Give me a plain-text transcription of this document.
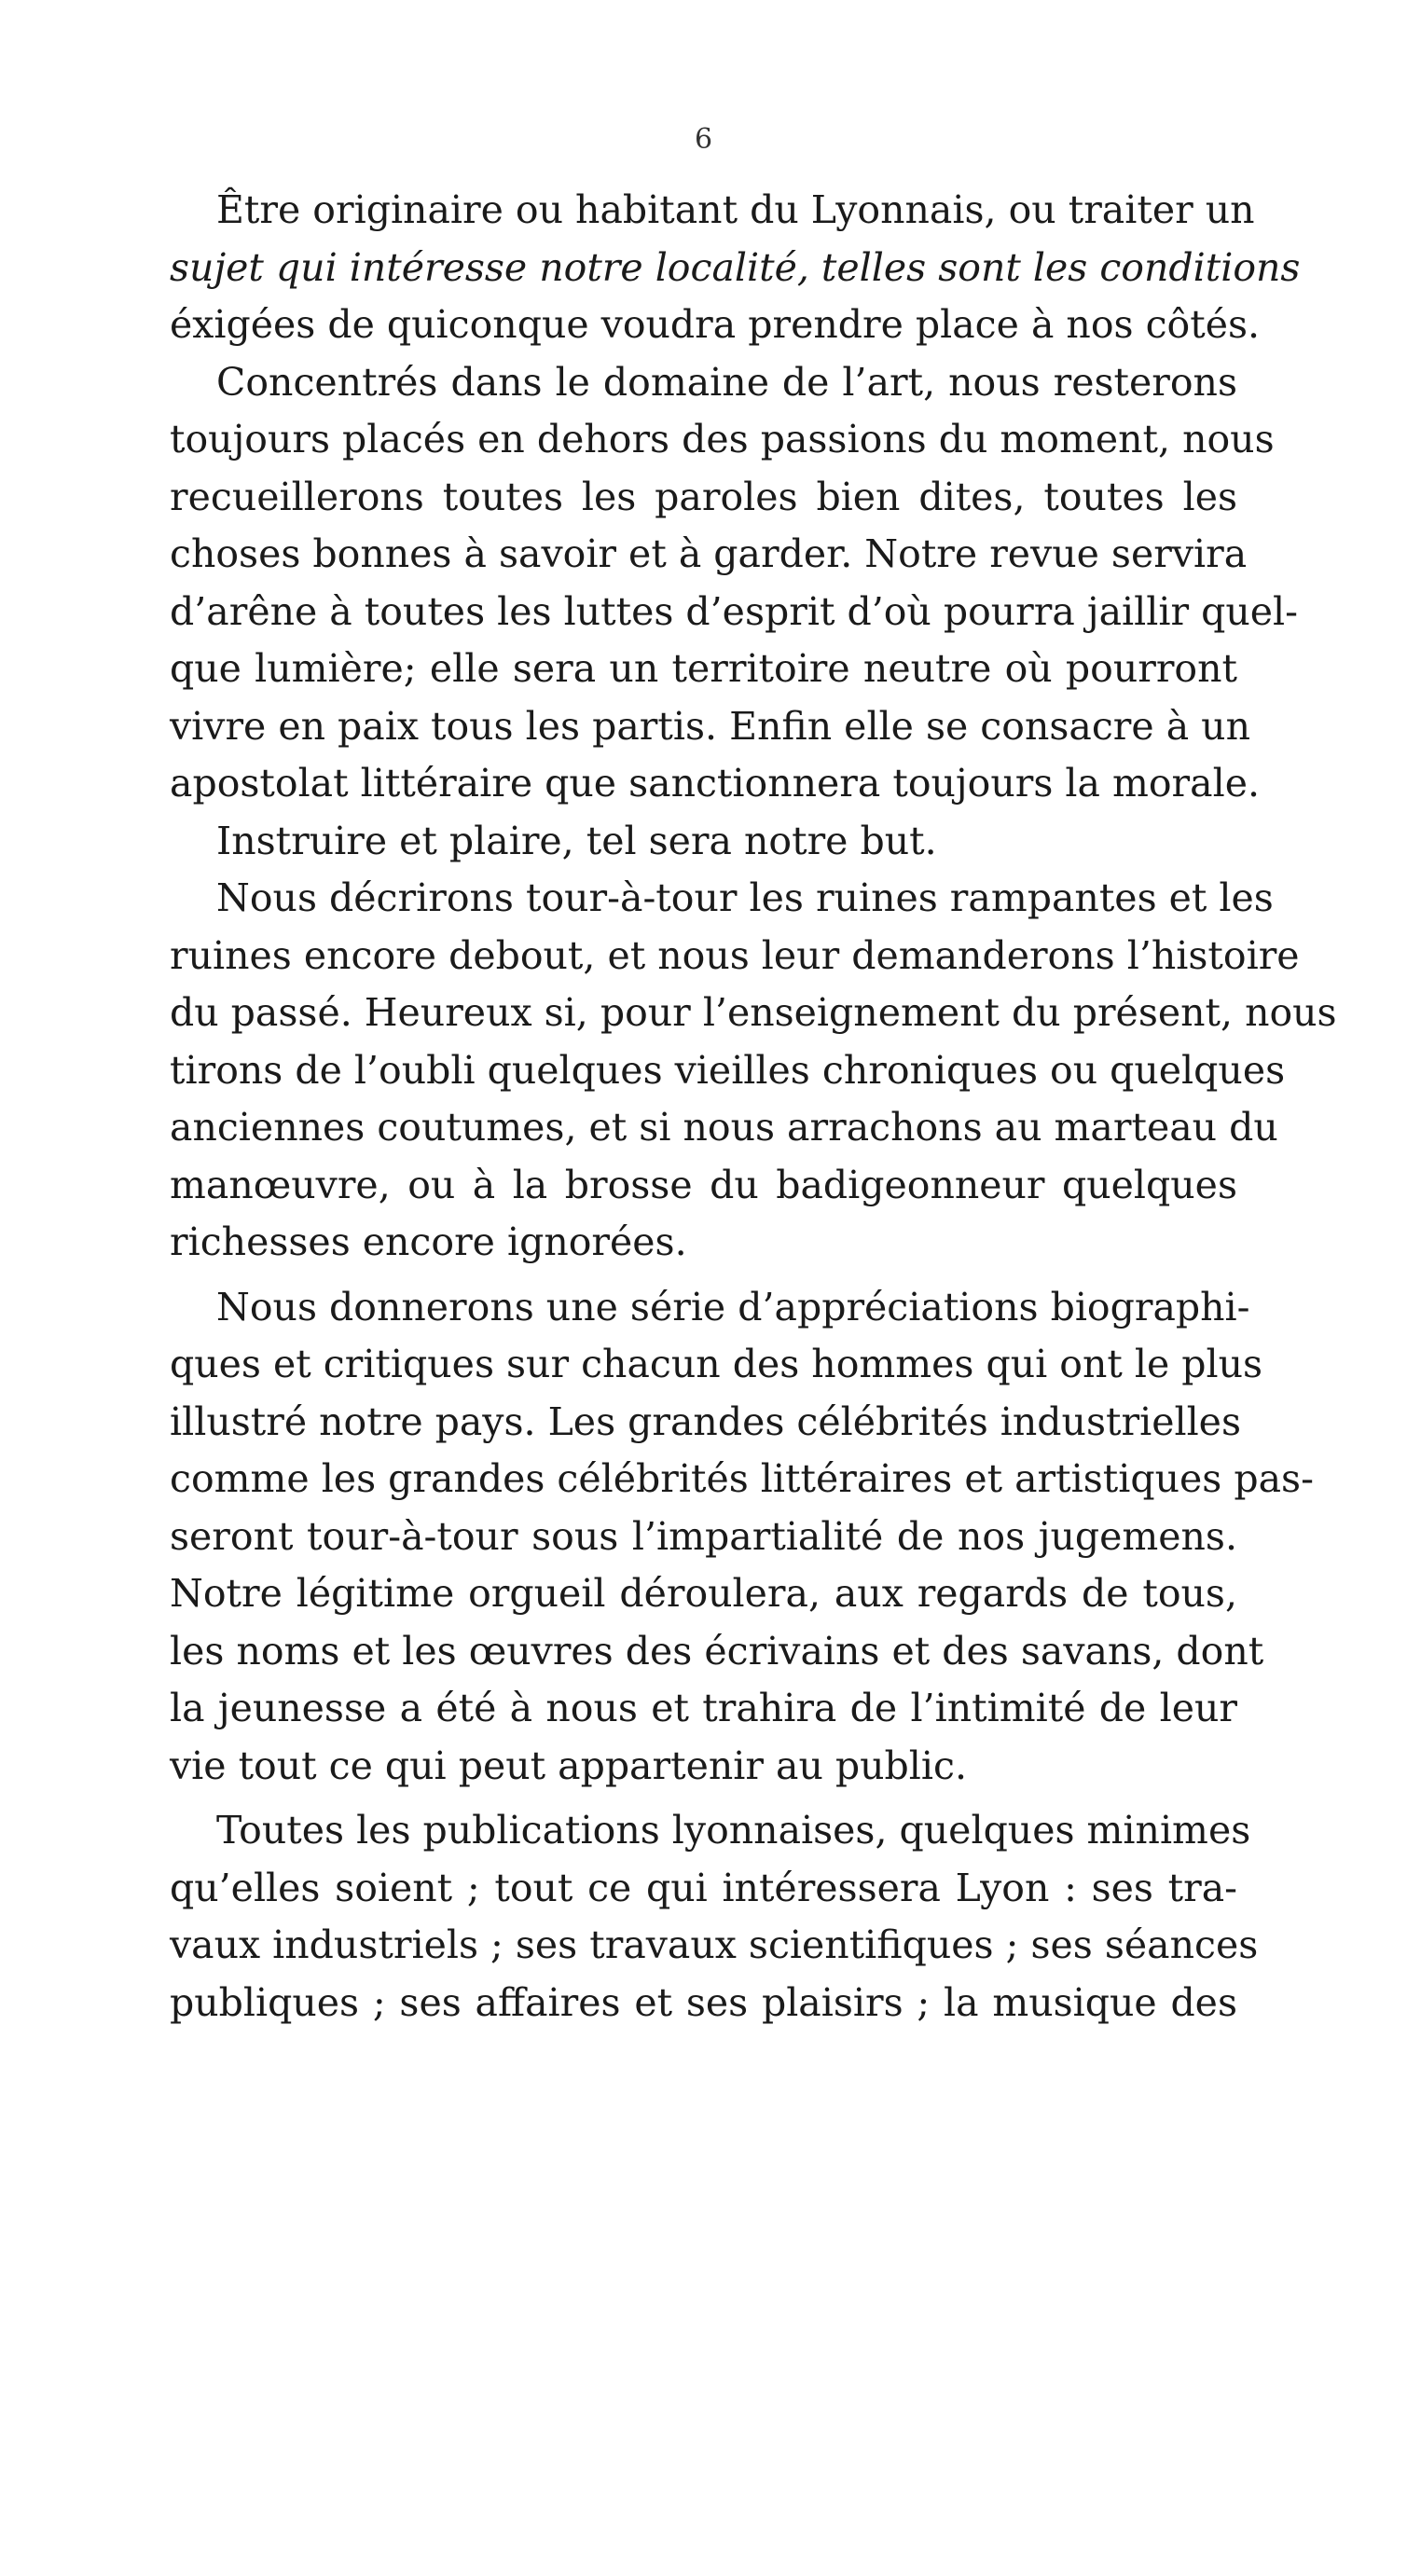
6
Être originaire ou habitant du Lyonnais, ou traiter un
sujet qui intéresse notre localité, telles sont les conditions
éxigées de quiconque voudra prendre place à nos côtés.
Concentrés dans le domaine de l’art, nous resterons
toujours placés en dehors des passions du moment, nous
recueillerons toutes les paroles bien dites, toutes les
choses bonnes à savoir et à garder. Notre revue servira
d’arêne à toutes les luttes d’esprit d’où pourra jaillir quel-
que lumière; elle sera un territoire neutre où pourront
vivre en paix tous les partis. Enfin elle se consacre à un
apostolat littéraire que sanctionnera toujours la morale.
Instruire et plaire, tel sera notre but.
Nous décrirons tour-à-tour les ruines rampantes et les
ruines encore debout, et nous leur demanderons l’histoire
du passé. Heureux si, pour l’enseignement du présent, nous
tirons de l’oubli quelques vieilles chroniques ou quelques
anciennes coutumes, et si nous arrachons au marteau du
manœuvre, ou à la brosse du badigeonneur quelques
richesses encore ignorées.
Nous donnerons une série d’appréciations biographi-
ques et critiques sur chacun des hommes qui ont le plus
illustré notre pays. Les grandes célébrités industrielles
comme les grandes célébrités littéraires et artistiques pas-
seront tour-à-tour sous l’impartialité de nos jugemens.
Notre légitime orgueil déroulera, aux regards de tous,
les noms et les œuvres des écrivains et des savans, dont
la jeunesse a été à nous et trahira de l’intimité de leur
vie tout ce qui peut appartenir au public.
Toutes les publications lyonnaises, quelques minimes
qu’elles soient ; tout ce qui intéressera Lyon : ses tra-
vaux industriels ; ses travaux scientifiques ; ses séances
publiques ; ses affaires et ses plaisirs ; la musique des
